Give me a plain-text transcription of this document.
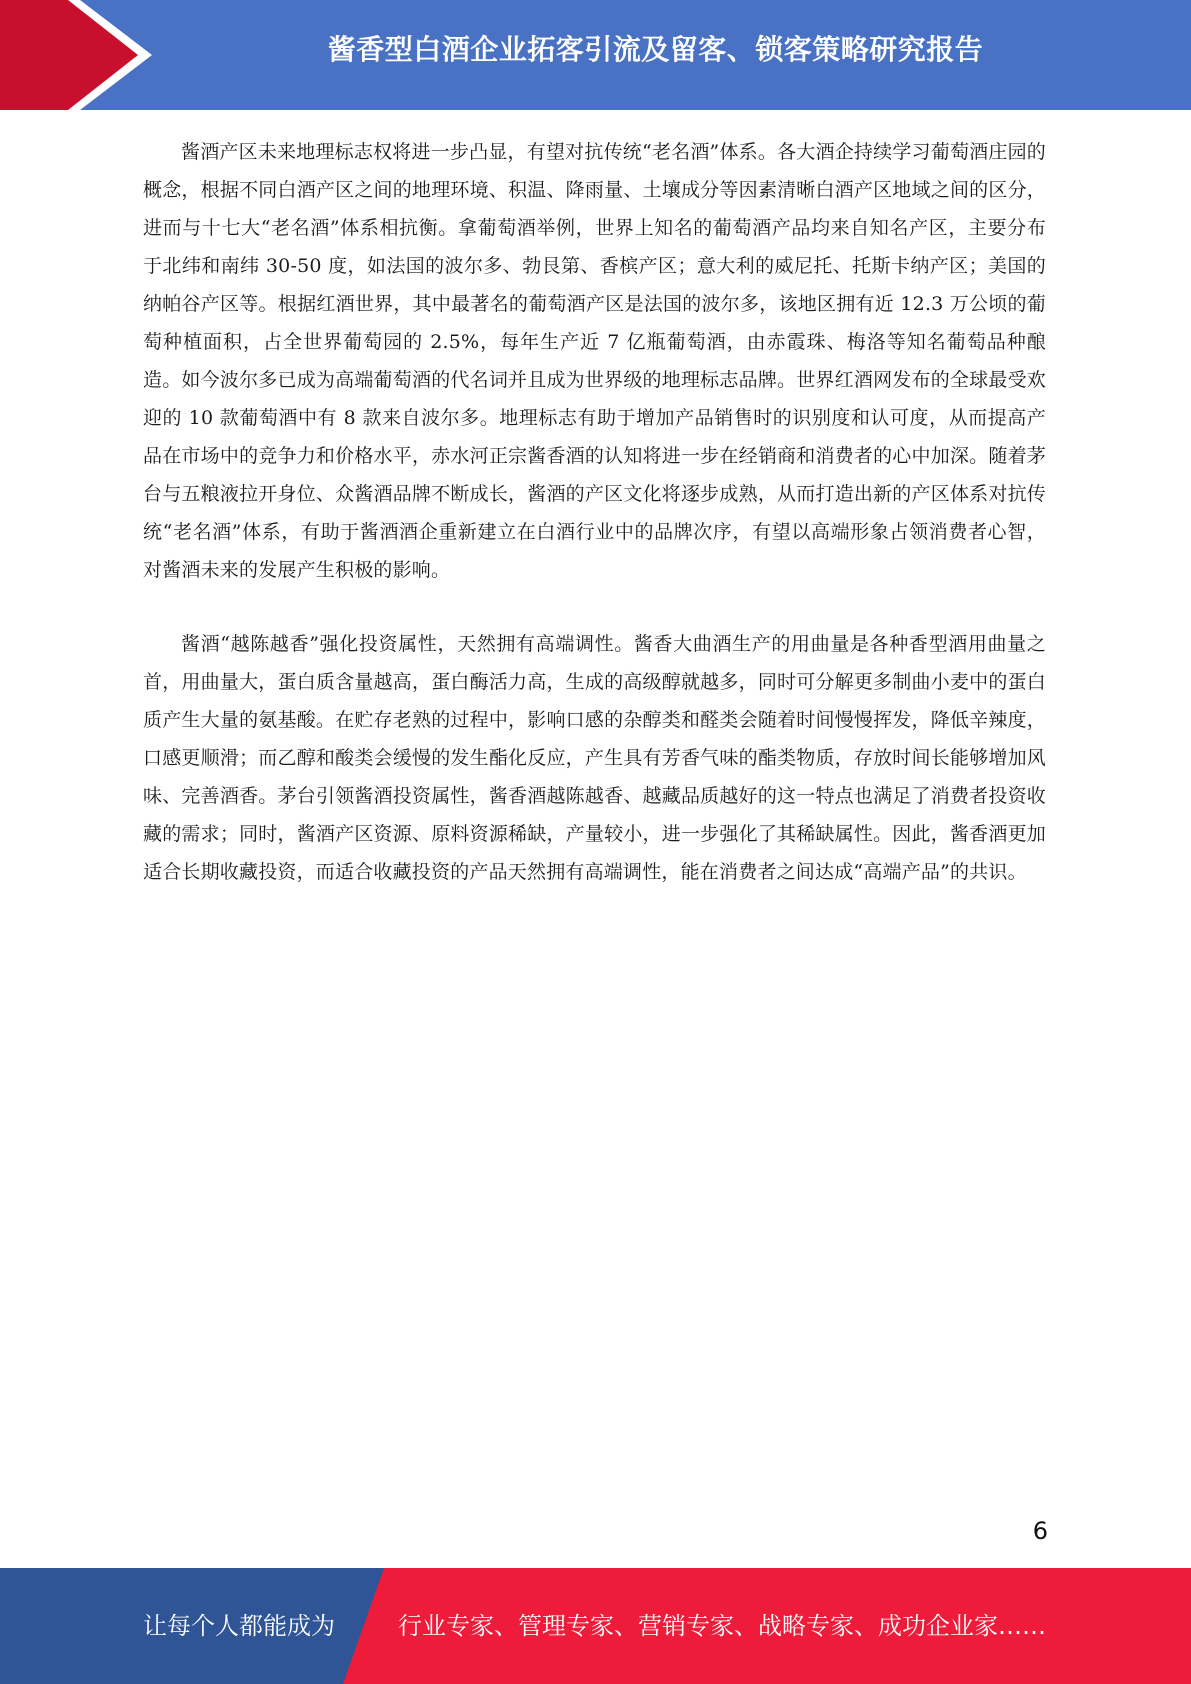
酱香型白酒企业拓客引流及留客、锁客策略研究报告

酱酒产区未来地理标志权将进一步凸显，有望对抗传统“老名酒”体系。各大酒企持续学习葡萄酒庄园的概念，根据不同白酒产区之间的地理环境、积温、降雨量、土壤成分等因素清晰白酒产区地域之间的区分，进而与十七大“老名酒”体系相抗衡。拿葡萄酒举例，世界上知名的葡萄酒产品均来自知名产区，主要分布于北纬和南纬 30-50 度，如法国的波尔多、勃艮第、香槟产区；意大利的威尼托、托斯卡纳产区；美国的纳帕谷产区等。根据红酒世界，其中最著名的葡萄酒产区是法国的波尔多，该地区拥有近 12.3 万公顷的葡萄种植面积，占全世界葡萄园的 2.5%，每年生产近 7 亿瓶葡萄酒，由赤霞珠、梅洛等知名葡萄品种酿造。如今波尔多已成为高端葡萄酒的代名词并且成为世界级的地理标志品牌。世界红酒网发布的全球最受欢迎的 10 款葡萄酒中有 8 款来自波尔多。地理标志有助于增加产品销售时的识别度和认可度，从而提高产品在市场中的竞争力和价格水平，赤水河正宗酱香酒的认知将进一步在经销商和消费者的心中加深。随着茅台与五粮液拉开身位、众酱酒品牌不断成长，酱酒的产区文化将逐步成熟，从而打造出新的产区体系对抗传统“老名酒”体系，有助于酱酒酒企重新建立在白酒行业中的品牌次序，有望以高端形象占领消费者心智，对酱酒未来的发展产生积极的影响。

酱酒“越陈越香”强化投资属性，天然拥有高端调性。酱香大曲酒生产的用曲量是各种香型酒用曲量之首，用曲量大，蛋白质含量越高，蛋白酶活力高，生成的高级醇就越多，同时可分解更多制曲小麦中的蛋白质产生大量的氨基酸。在贮存老熟的过程中，影响口感的杂醇类和醛类会随着时间慢慢挥发，降低辛辣度，口感更顺滑；而乙醇和酸类会缓慢的发生酯化反应，产生具有芳香气味的酯类物质，存放时间长能够增加风味、完善酒香。茅台引领酱酒投资属性，酱香酒越陈越香、越藏品质越好的这一特点也满足了消费者投资收藏的需求；同时，酱酒产区资源、原料资源稀缺，产量较小，进一步强化了其稀缺属性。因此，酱香酒更加适合长期收藏投资，而适合收藏投资的产品天然拥有高端调性，能在消费者之间达成“高端产品”的共识。

6
让每个人都能成为	行业专家、管理专家、营销专家、战略专家、成功企业家……
